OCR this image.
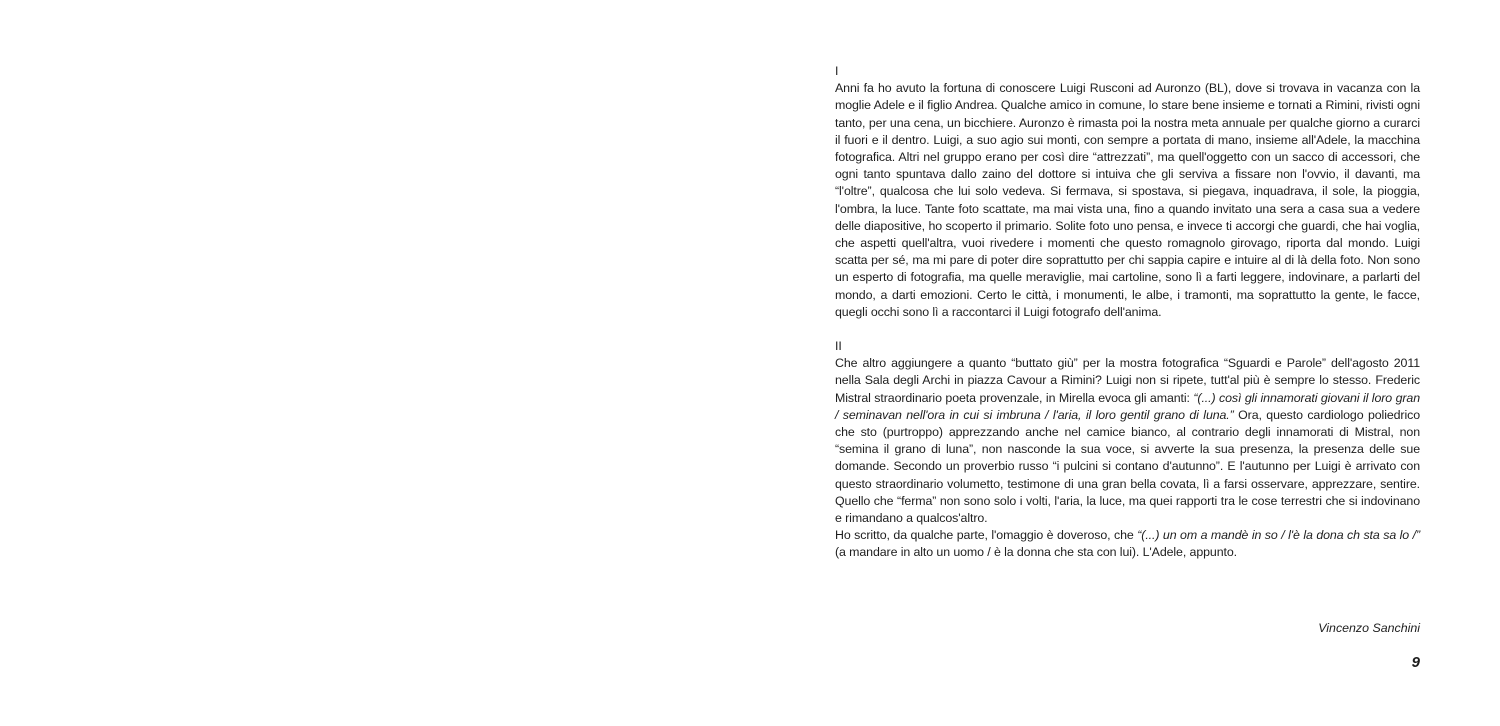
I

Anni fa ho avuto la fortuna di conoscere Luigi Rusconi ad Auronzo (BL), dove si trovava in vacanza con la moglie Adele e il figlio Andrea. Qualche amico in comune, lo stare bene insieme e tornati a Rimini, rivisti ogni tanto, per una cena, un bicchiere. Auronzo è rimasta poi la nostra meta annuale per qualche giorno a curarci il fuori e il dentro. Luigi, a suo agio sui monti, con sempre a portata di mano, insieme all'Adele, la macchina fotografica. Altri nel gruppo erano per così dire “attrezzati”, ma quell'oggetto con un sacco di accessori, che ogni tanto spuntava dallo zaino del dottore si intuiva che gli serviva a fissare non l'ovvio, il davanti, ma “l'oltre”, qualcosa che lui solo vedeva. Si fermava, si spostava, si piegava, inquadrava, il sole, la pioggia, l'ombra, la luce. Tante foto scattate, ma mai vista una, fino a quando invitato una sera a casa sua a vedere delle diapositive, ho scoperto il primario. Solite foto uno pensa, e invece ti accorgi che guardi, che hai voglia, che aspetti quell'altra, vuoi rivedere i momenti che questo romagnolo girovago, riporta dal mondo. Luigi scatta per sé, ma mi pare di poter dire soprattutto per chi sappia capire e intuire al di là della foto. Non sono un esperto di fotografia, ma quelle meraviglie, mai cartoline, sono lì a farti leggere, indovinare, a parlarti del mondo, a darti emozioni. Certo le città, i monumenti, le albe, i tramonti, ma soprattutto la gente, le facce, quegli occhi sono lì a raccontarci il Luigi fotografo dell'anima.

II

Che altro aggiungere a quanto “buttato giù” per la mostra fotografica “Sguardi e Parole” dell'agosto 2011 nella Sala degli Archi in piazza Cavour a Rimini? Luigi non si ripete, tutt'al più è sempre lo stesso. Frederic Mistral straordinario poeta provenzale, in Mirella evoca gli amanti: “(...) così gli innamorati giovani il loro gran / seminavan nell'ora in cui si imbruna / l'aria, il loro gentil grano di luna.” Ora, questo cardiologo poliedrico che sto (purtroppo) apprezzando anche nel camice bianco, al contrario degli innamorati di Mistral, non “semina il grano di luna”, non nasconde la sua voce, si avverte la sua presenza, la presenza delle sue domande. Secondo un proverbio russo “i pulcini si contano d'autunno”. E l'autunno per Luigi è arrivato con questo straordinario volumetto, testimone di una gran bella covata, lì a farsi osservare, apprezzare, sentire. Quello che “ferma” non sono solo i volti, l'aria, la luce, ma quei rapporti tra le cose terrestri che si indovinano e rimandano a qualcos'altro.

Ho scritto, da qualche parte, l'omaggio è doveroso, che “(...) un om a mandè in so / l'è la dona ch sta sa lo /” (a mandare in alto un uomo / è la donna che sta con lui). L'Adele, appunto.

Vincenzo Sanchini
9
